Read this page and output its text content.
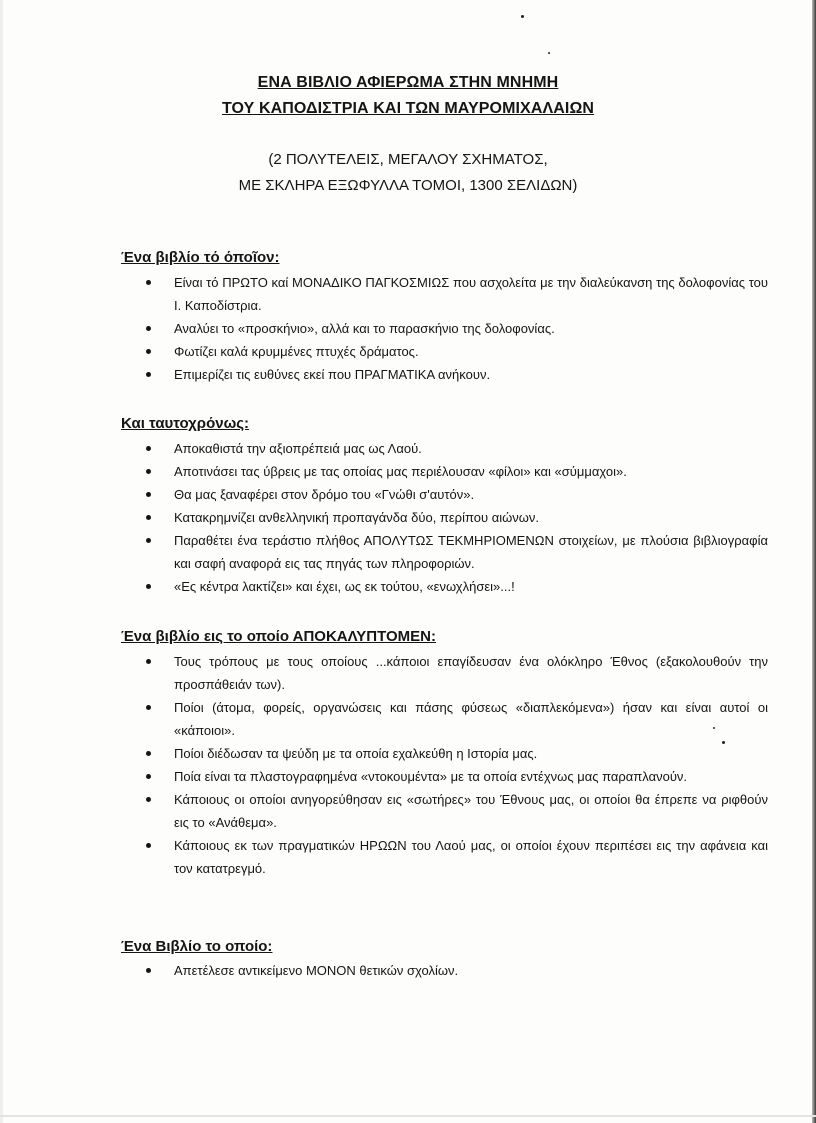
ΕΝΑ ΒΙΒΛΙΟ ΑΦΙΕΡΩΜΑ ΣΤΗΝ ΜΝΗΜΗ
ΤΟΥ ΚΑΠΟΔΙΣΤΡΙΑ ΚΑΙ ΤΩΝ ΜΑΥΡΟΜΙΧΑΛΑΙΩΝ
(2 ΠΟΛΥΤΕΛΕΙΣ, ΜΕΓΑΛΟΥ ΣΧΗΜΑΤΟΣ,
ΜΕ ΣΚΛΗΡΑ ΕΞΩΦΥΛΛΑ ΤΟΜΟΙ, 1300 ΣΕΛΙΔΩΝ)
Ένα βιβλίο τό όποῖον:
Είναι τό ΠΡΩΤΟ καί ΜΟΝΑΔΙΚΟ ΠΑΓΚΟΣΜΙΩΣ που ασχολείτα με την διαλεύκανση της δολοφονίας του Ι. Καποδίστρια.
Αναλύει το «προσκήνιο», αλλά και το παρασκήνιο της δολοφονίας.
Φωτίζει καλά κρυμμένες πτυχές δράματος.
Επιμερίζει τις ευθύνες εκεί που ΠΡΑΓΜΑΤΙΚΑ ανήκουν.
Και ταυτοχρόνως:
Αποκαθιστά την αξιοπρέπειά μας ως Λαού.
Αποτινάσει τας ύβρεις με τας οποίας μας περιέλουσαν «φίλοι» και «σύμμαχοι».
Θα μας ξαναφέρει στον δρόμο του «Γνώθι σ'αυτόν».
Κατακρημνίζει ανθελληνική προπαγάνδα δύο, περίπου αιώνων.
Παραθέτει ένα τεράστιο πλήθος ΑΠΟΛΥΤΩΣ ΤΕΚΜΗΡΙΟΜΕΝΩΝ στοιχείων, με πλούσια βιβλιογραφία και σαφή αναφορά εις τας πηγάς των πληροφοριών.
«Ες κέντρα λακτίζει» και έχει, ως εκ τούτου, «ενωχλήσει»...!
Ένα βιβλίο εις το οποίο ΑΠΟΚΑΛΥΠΤΟΜΕΝ:
Τους τρόπους με τους οποίους ...κάποιοι επαγίδευσαν ένα ολόκληρο Έθνος (εξακολουθούν την προσπάθειάν των).
Ποίοι (άτομα, φορείς, οργανώσεις και πάσης φύσεως «διαπλεκόμενα») ήσαν και είναι αυτοί οι «κάποιοι».
Ποίοι διέδωσαν τα ψεύδη με τα οποία εχαλκεύθη η Ιστορία μας.
Ποία είναι τα πλαστογραφημένα «ντοκουμέντα» με τα οποία εντέχνως μας παραπλανούν.
Κάποιους οι οποίοι ανηγορεύθησαν εις «σωτήρες» του Έθνους μας, οι οποίοι θα έπρεπε να ριφθούν εις το «Ανάθεμα».
Κάποιους εκ των πραγματικών ΗΡΩΩΝ του Λαού μας, οι οποίοι έχουν περιπέσει εις την αφάνεια και τον κατατρεγμό.
Ένα Βιβλίο το οποίο:
Απετέλεσε αντικείμενο ΜΟΝΟΝ θετικών σχολίων.
